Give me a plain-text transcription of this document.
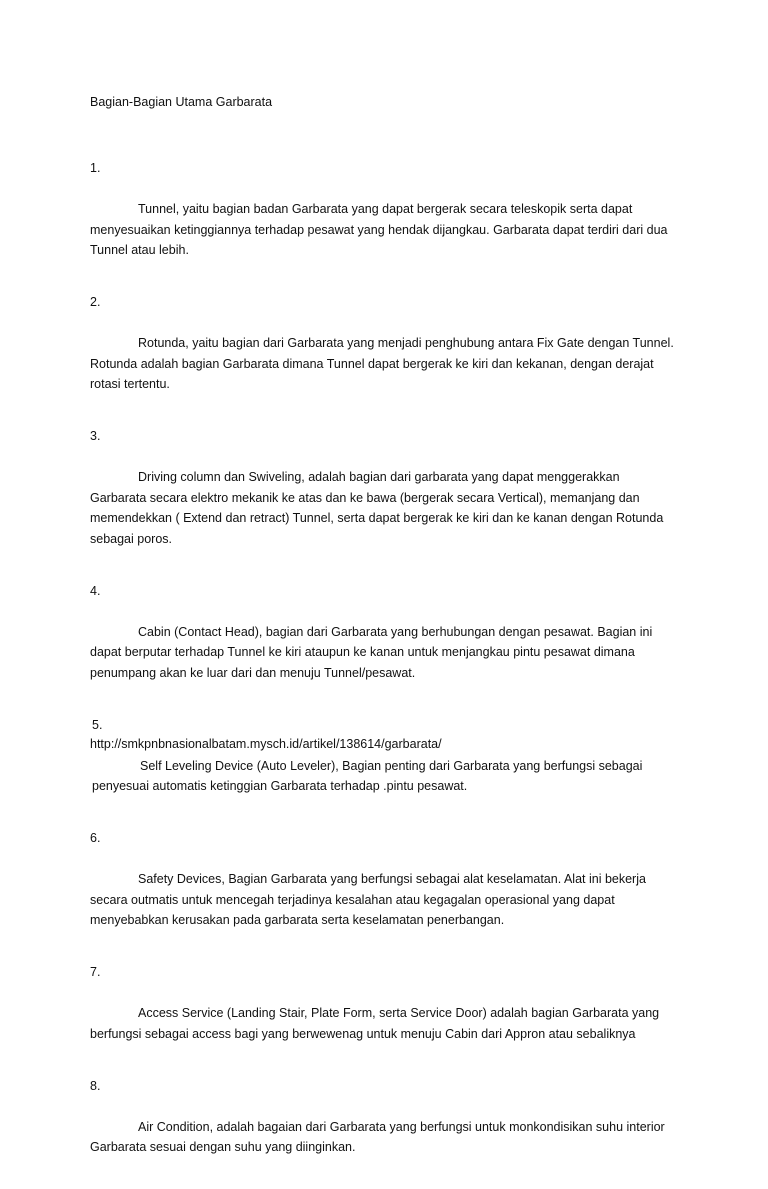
Bagian-Bagian Utama Garbarata

1.

Tunnel, yaitu bagian badan Garbarata yang dapat bergerak secara teleskopik serta dapat
menyesuaikan ketinggiannya terhadap pesawat yang hendak dijangkau. Garbarata dapat terdiri dari dua
Tunnel atau lebih.

2.

Rotunda, yaitu bagian dari Garbarata yang menjadi penghubung antara Fix Gate dengan Tunnel.
Rotunda adalah bagian Garbarata dimana Tunnel dapat bergerak ke kiri dan kekanan, dengan derajat
rotasi tertentu.

3.

Driving column dan Swiveling, adalah bagian dari garbarata yang dapat menggerakkan
Garbarata secara elektro mekanik ke atas dan ke bawa (bergerak secara Vertical), memanjang dan
memendekkan ( Extend dan retract) Tunnel, serta dapat bergerak ke kiri dan ke kanan dengan Rotunda
sebagai poros.

4.

Cabin (Contact Head), bagian dari Garbarata yang berhubungan dengan pesawat. Bagian ini
dapat berputar terhadap Tunnel ke kiri ataupun ke kanan untuk menjangkau pintu pesawat dimana
penumpang akan ke luar dari dan menuju Tunnel/pesawat.

5.

Self Leveling Device (Auto Leveler), Bagian penting dari Garbarata yang berfungsi sebagai
penyesuai automatis ketinggian Garbarata terhadap .pintu pesawat.

6.

Safety Devices, Bagian Garbarata yang berfungsi sebagai alat keselamatan. Alat ini bekerja
secara outmatis untuk mencegah terjadinya kesalahan atau kegagalan operasional yang dapat
menyebabkan kerusakan pada garbarata serta keselamatan penerbangan.

7.

Access Service (Landing Stair, Plate Form, serta Service Door) adalah bagian Garbarata yang
berfungsi sebagai access bagi yang berwewenag untuk menuju Cabin dari Appron atau sebaliknya

8.

Air Condition, adalah bagaian dari Garbarata yang berfungsi untuk monkondisikan suhu interior
Garbarata sesuai dengan suhu yang diinginkan.

http://smkpnbnasionalbatam.mysch.id/artikel/138614/garbarata/
